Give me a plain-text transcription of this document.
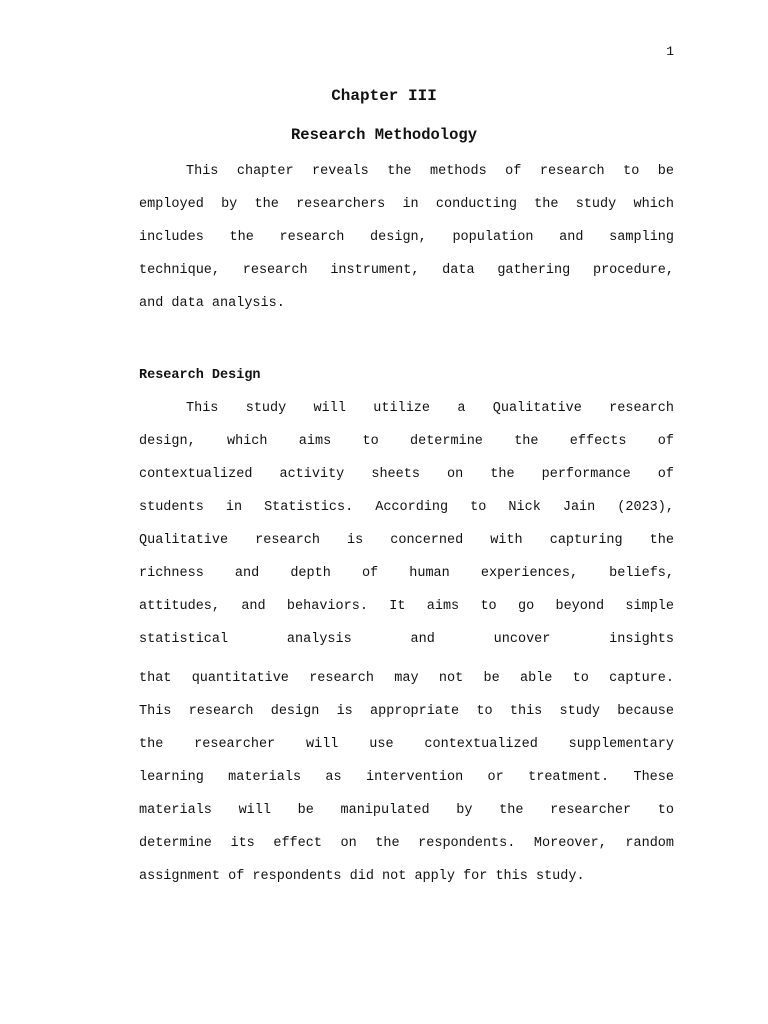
1
Chapter III
Research Methodology
This chapter reveals the methods of research to be
employed by the researchers in conducting the study which
includes the research design, population and sampling
technique, research instrument, data gathering procedure,
and data analysis.
Research Design
This study will utilize a Qualitative research
design, which aims to determine the effects of
contextualized activity sheets on the performance of
students in Statistics. According to Nick Jain (2023),
Qualitative research is concerned with capturing the
richness and depth of human experiences, beliefs,
attitudes, and behaviors. It aims to go beyond simple
statistical analysis and uncover insights
that quantitative research may not be able to capture.
This research design is appropriate to this study because
the researcher will use contextualized supplementary
learning materials as intervention or treatment. These
materials will be manipulated by the researcher to
determine its effect on the respondents. Moreover, random
assignment of respondents did not apply for this study.
